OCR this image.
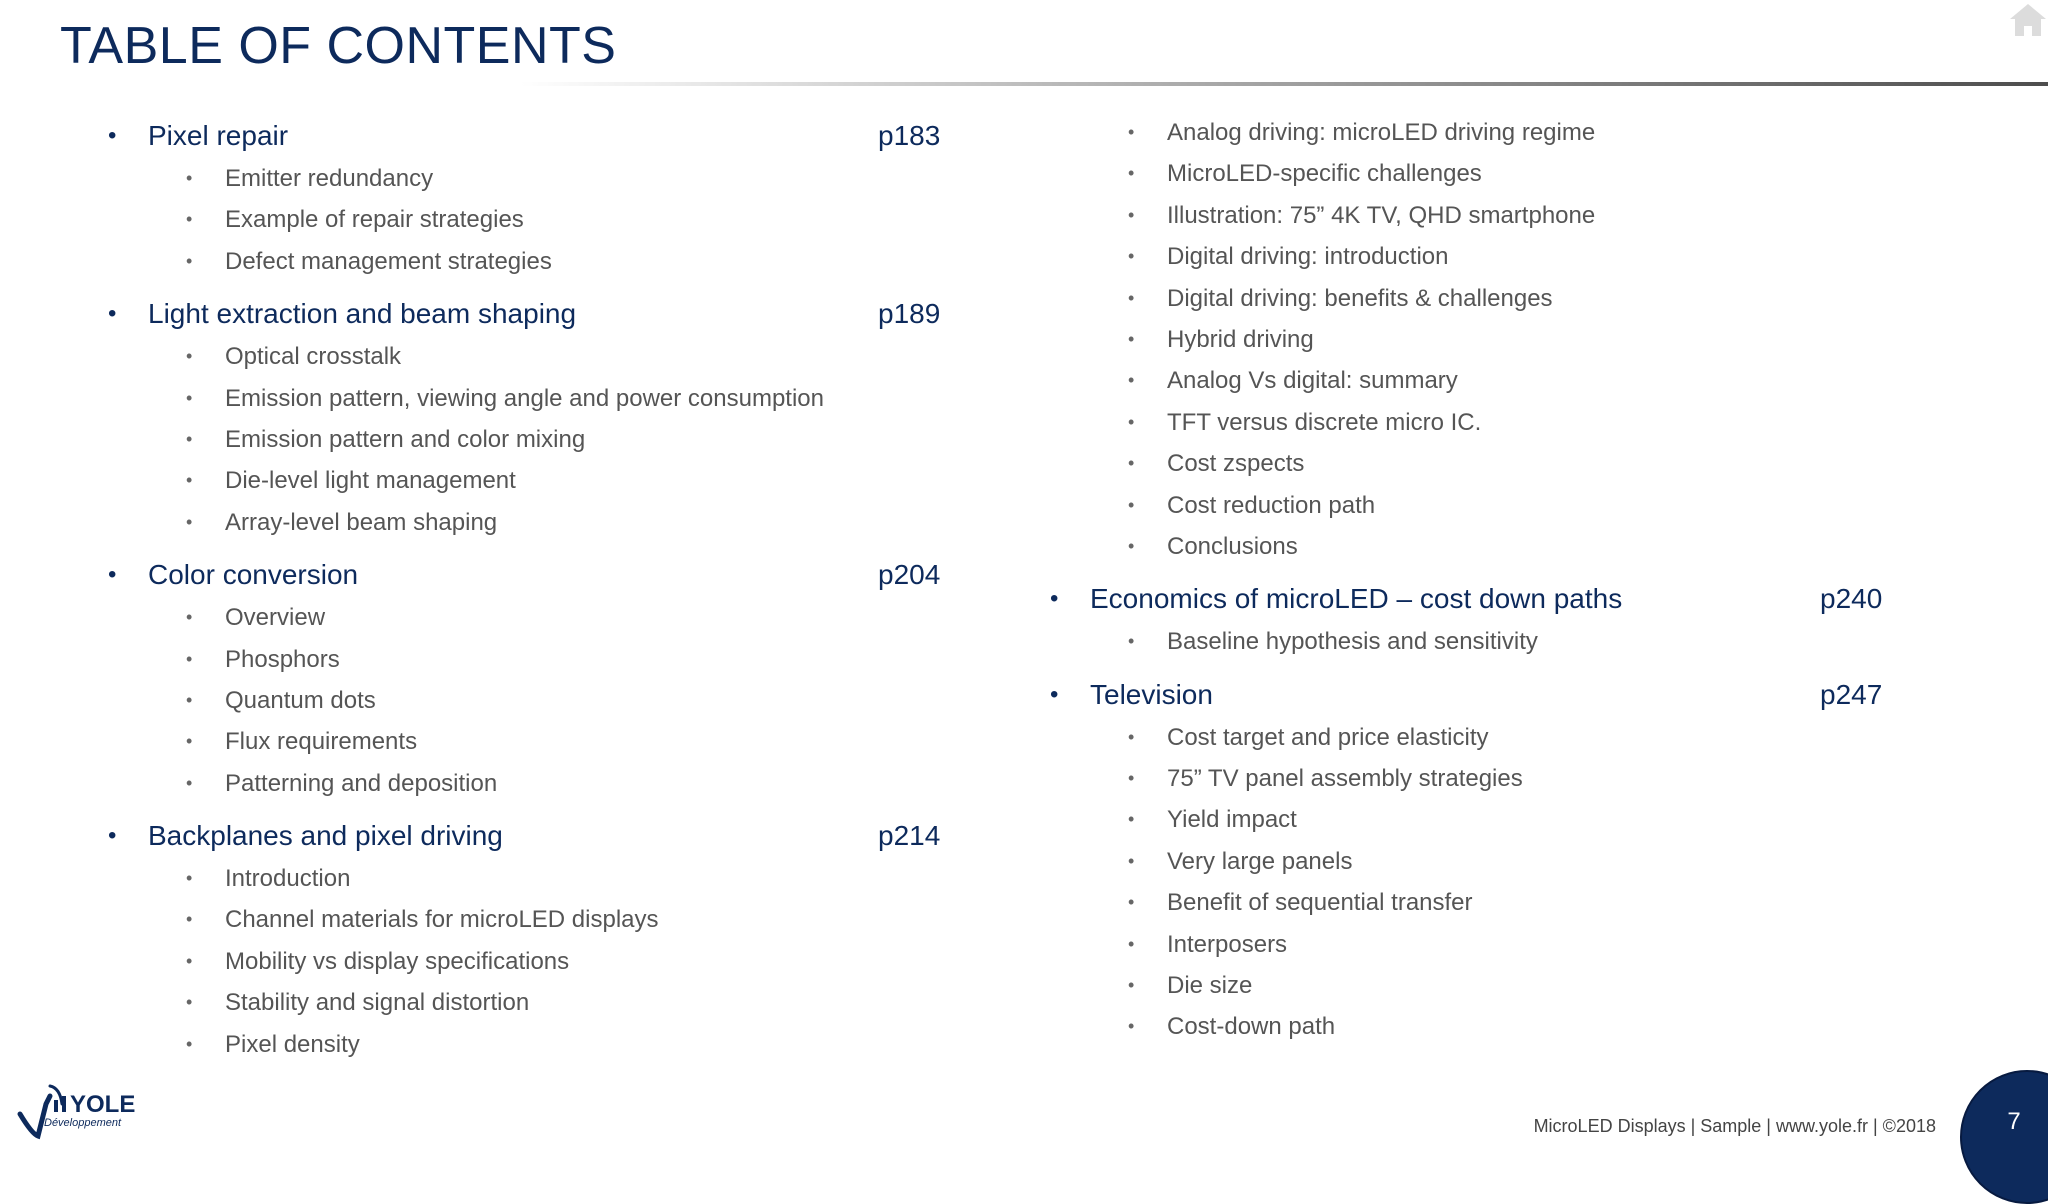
TABLE OF CONTENTS
• Pixel repair	p183
• Emitter redundancy
• Example of repair strategies
• Defect management strategies
• Light extraction and beam shaping	p189
• Optical crosstalk
• Emission pattern, viewing angle and power consumption
• Emission pattern and color mixing
• Die-level light management
• Array-level beam shaping
• Color conversion	p204
• Overview
• Phosphors
• Quantum dots
• Flux requirements
• Patterning and deposition
• Backplanes and pixel driving	p214
• Introduction
• Channel materials for microLED displays
• Mobility vs display specifications
• Stability and signal distortion
• Pixel density
• Analog driving: microLED driving regime
• MicroLED-specific challenges
• Illustration: 75” 4K TV, QHD smartphone
• Digital driving: introduction
• Digital driving: benefits & challenges
• Hybrid driving
• Analog Vs digital: summary
• TFT versus discrete micro IC.
• Cost zspects
• Cost reduction path
• Conclusions
• Economics of microLED – cost down paths	p240
• Baseline hypothesis and sensitivity
• Television	p247
• Cost target and price elasticity
• 75” TV panel assembly strategies
• Yield impact
• Very large panels
• Benefit of sequential transfer
• Interposers
• Die size
• Cost-down path
YOLE
Développement	MicroLED Displays | Sample | www.yole.fr | ©2018	7
